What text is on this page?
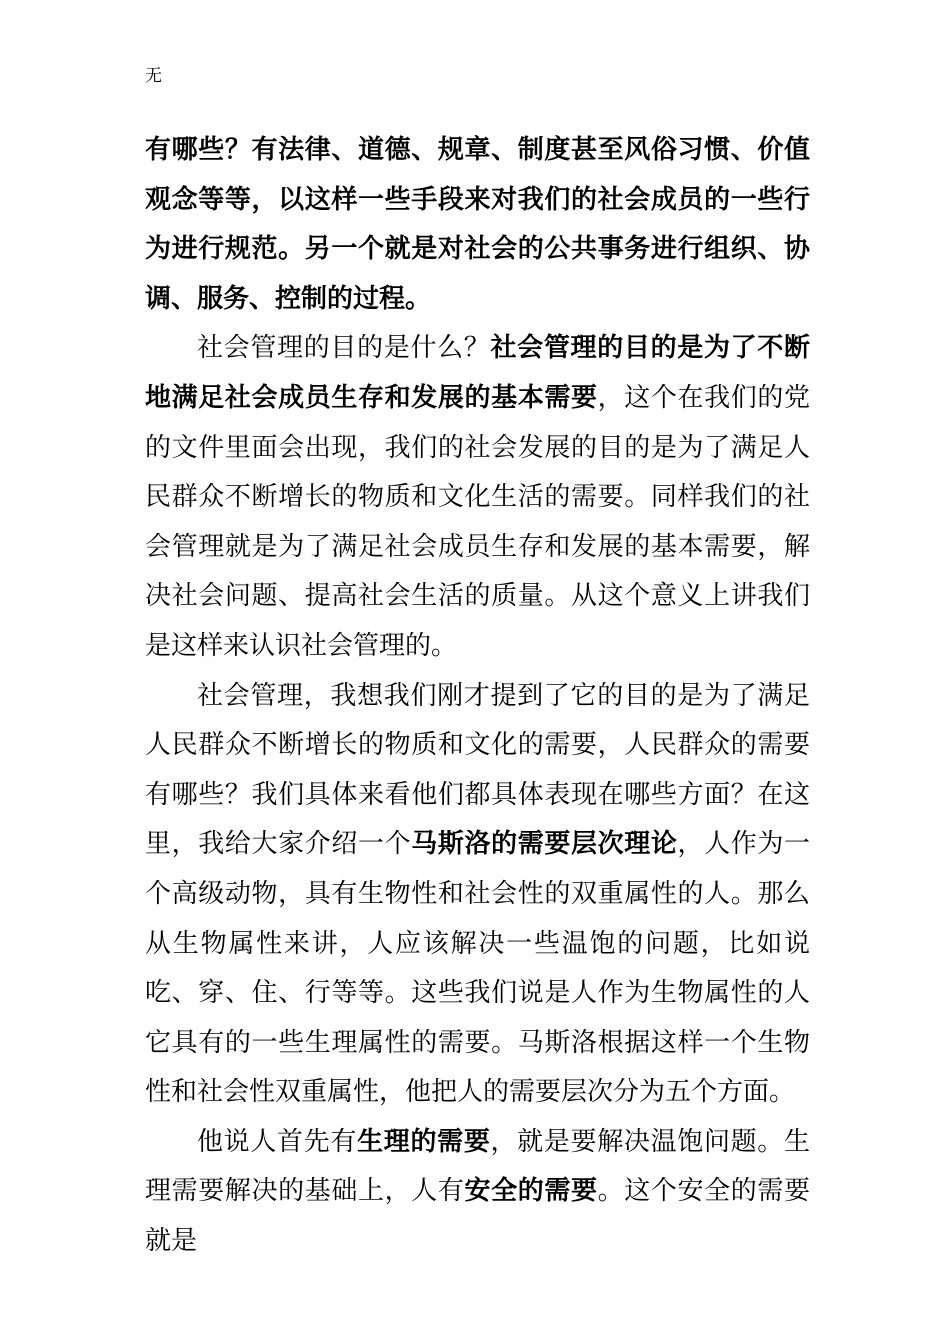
无

有哪些？有法律、道德、规章、制度甚至风俗习惯、价值观念等等，以这样一些手段来对我们的社会成员的一些行为进行规范。另一个就是对社会的公共事务进行组织、协调、服务、控制的过程。

社会管理的目的是什么？社会管理的目的是为了不断地满足社会成员生存和发展的基本需要，这个在我们的党的文件里面会出现，我们的社会发展的目的是为了满足人民群众不断增长的物质和文化生活的需要。同样我们的社会管理就是为了满足社会成员生存和发展的基本需要，解决社会问题、提高社会生活的质量。从这个意义上讲我们是这样来认识社会管理的。

社会管理，我想我们刚才提到了它的目的是为了满足人民群众不断增长的物质和文化的需要，人民群众的需要有哪些？我们具体来看他们都具体表现在哪些方面？在这里，我给大家介绍一个马斯洛的需要层次理论，人作为一个高级动物，具有生物性和社会性的双重属性的人。那么从生物属性来讲，人应该解决一些温饱的问题，比如说吃、穿、住、行等等。这些我们说是人作为生物属性的人它具有的一些生理属性的需要。马斯洛根据这样一个生物性和社会性双重属性，他把人的需要层次分为五个方面。

他说人首先有生理的需要，就是要解决温饱问题。生理需要解决的基础上，人有安全的需要。这个安全的需要就是
